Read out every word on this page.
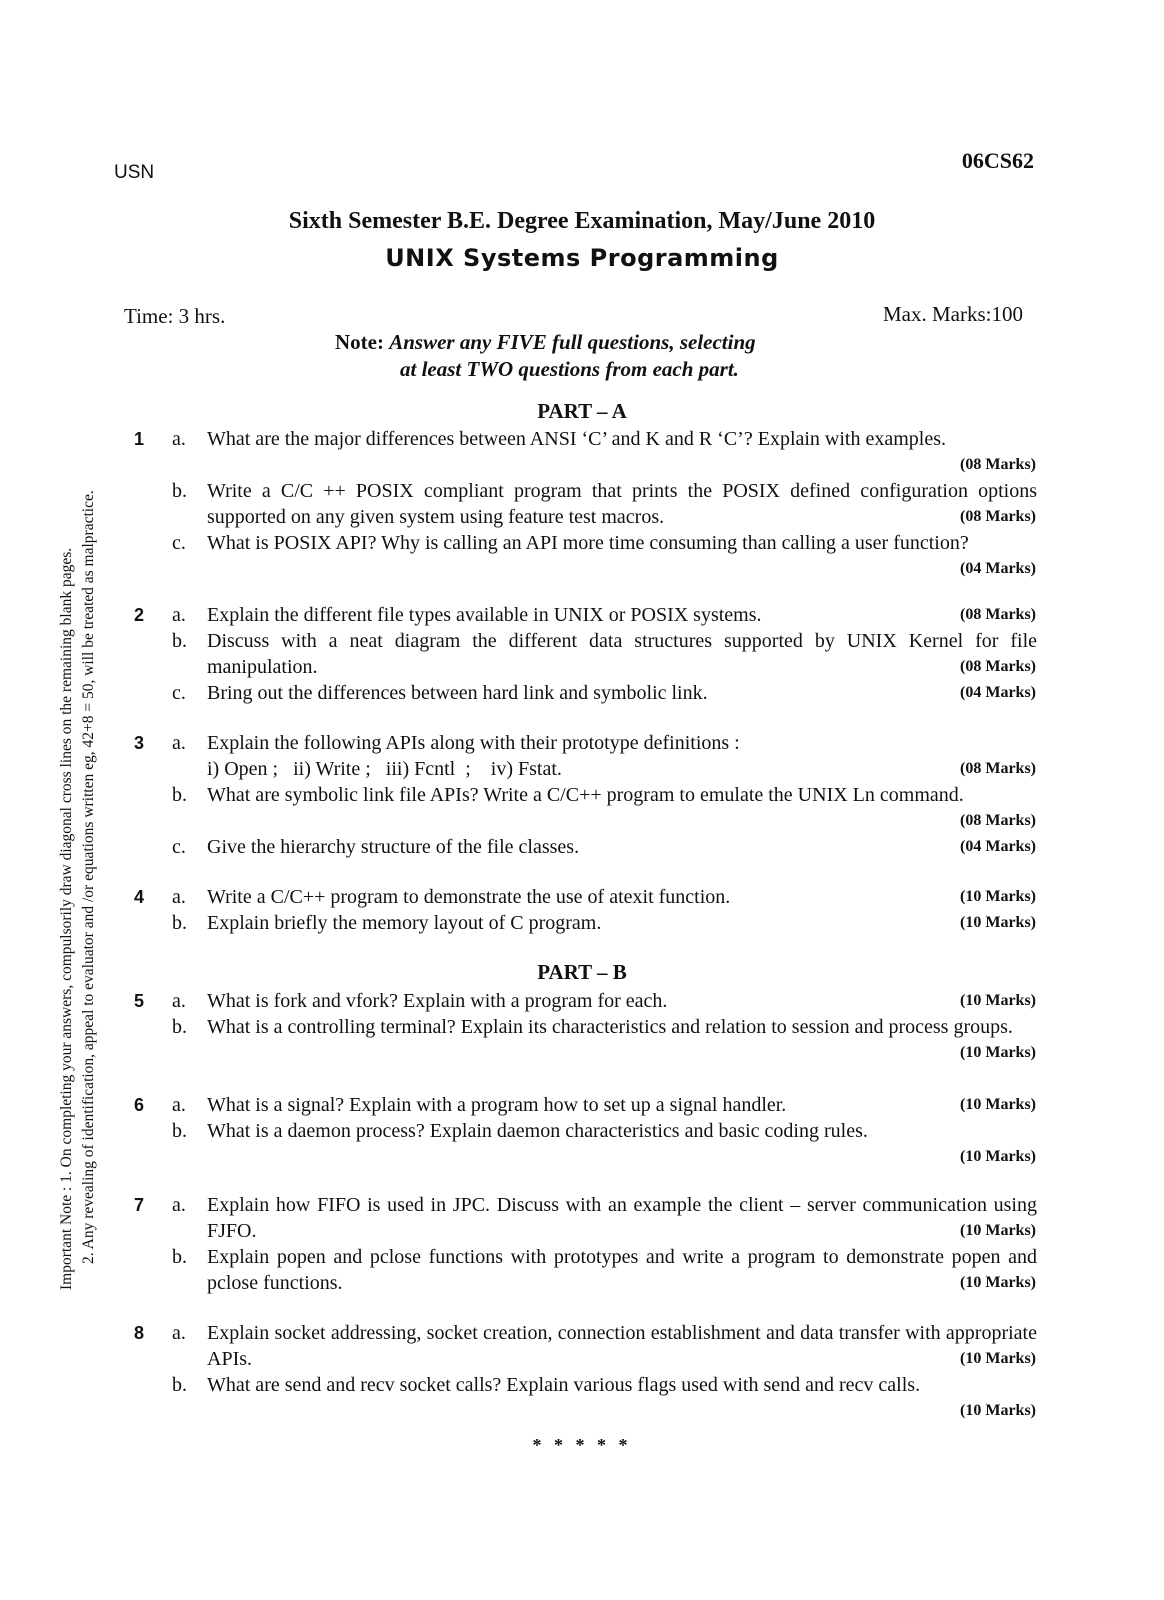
Important Note : 1. On completing your answers, compulsorily draw diagonal cross lines on the remaining blank pages. 2. Any revealing of identification, appeal to evaluator and /or equations written eg, 42+8 = 50, will be treated as malpractice.
USN	06CS62
Sixth Semester B.E. Degree Examination, May/June 2010
UNIX Systems Programming
Time: 3 hrs.	Max. Marks:100
Note: Answer any FIVE full questions, selecting
at least TWO questions from each part.
PART – A
1 a. What are the major differences between ANSI ‘C’ and K and R ‘C’? Explain with examples.
(08 Marks)
b. Write a C/C ++ POSIX compliant program that prints the POSIX defined configuration options supported on any given system using feature test macros.	(08 Marks)
c. What is POSIX API? Why is calling an API more time consuming than calling a user function?
(04 Marks)
2 a. Explain the different file types available in UNIX or POSIX systems.	(08 Marks)
b. Discuss with a neat diagram the different data structures supported by UNIX Kernel for file manipulation.	(08 Marks)
c. Bring out the differences between hard link and symbolic link.	(04 Marks)
3 a. Explain the following APIs along with their prototype definitions :
i) Open ;   ii) Write ;   iii) Fcntl  ;    iv) Fstat.	(08 Marks)
b. What are symbolic link file APIs? Write a C/C++ program to emulate the UNIX Ln command.
(08 Marks)
c. Give the hierarchy structure of the file classes.	(04 Marks)
4 a. Write a C/C++ program to demonstrate the use of atexit function.	(10 Marks)
b. Explain briefly the memory layout of C program.	(10 Marks)
PART – B
5 a. What is fork and vfork? Explain with a program for each.	(10 Marks)
b. What is a controlling terminal? Explain its characteristics and relation to session and process groups.
(10 Marks)
6 a. What is a signal? Explain with a program how to set up a signal handler.	(10 Marks)
b. What is a daemon process? Explain daemon characteristics and basic coding rules.
(10 Marks)
7 a. Explain how FIFO is used in JPC. Discuss with an example the client – server communication using FJFO.	(10 Marks)
b. Explain popen and pclose functions with prototypes and write a program to demonstrate popen and pclose functions.	(10 Marks)
8 a. Explain socket addressing, socket creation, connection establishment and data transfer with appropriate APIs.	(10 Marks)
b. What are send and recv socket calls? Explain various flags used with send and recv calls.
(10 Marks)
* * * * *
